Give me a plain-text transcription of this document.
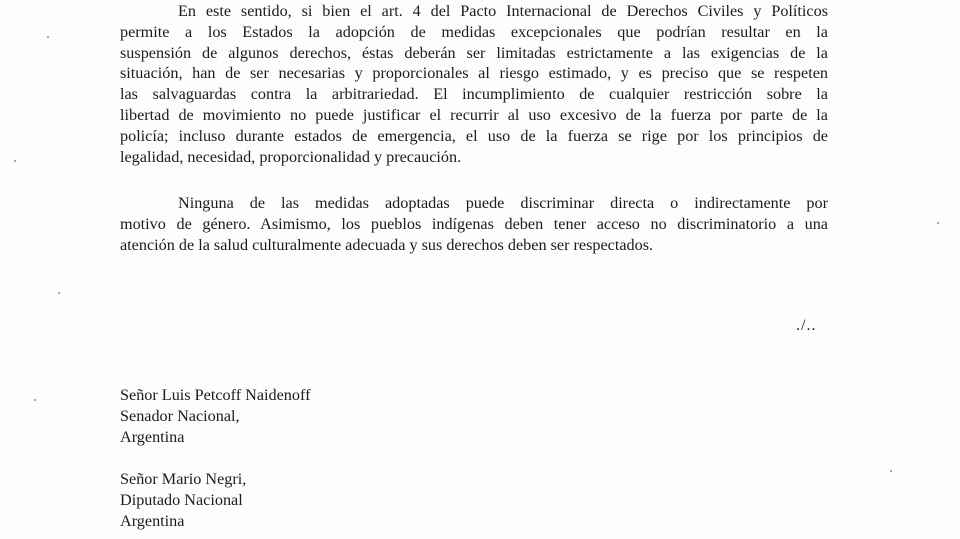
En este sentido, si bien el art. 4 del Pacto Internacional de Derechos Civiles y Políticos
permite a los Estados la adopción de medidas excepcionales que podrían resultar en la
suspensión de algunos derechos, éstas deberán ser limitadas estrictamente a las exigencias de la
situación, han de ser necesarias y proporcionales al riesgo estimado, y es preciso que se respeten
las salvaguardas contra la arbitrariedad. El incumplimiento de cualquier restricción sobre la
libertad de movimiento no puede justificar el recurrir al uso excesivo de la fuerza por parte de la
policía; incluso durante estados de emergencia, el uso de la fuerza se rige por los principios de
legalidad, necesidad, proporcionalidad y precaución.

Ninguna de las medidas adoptadas puede discriminar directa o indirectamente por
motivo de género. Asimismo, los pueblos indígenas deben tener acceso no discriminatorio a una
atención de la salud culturalmente adecuada y sus derechos deben ser respectados.

./..
Señor Luis Petcoff Naidenoff
Senador Nacional,
Argentina
Señor Mario Negri,
Diputado Nacional
Argentina
